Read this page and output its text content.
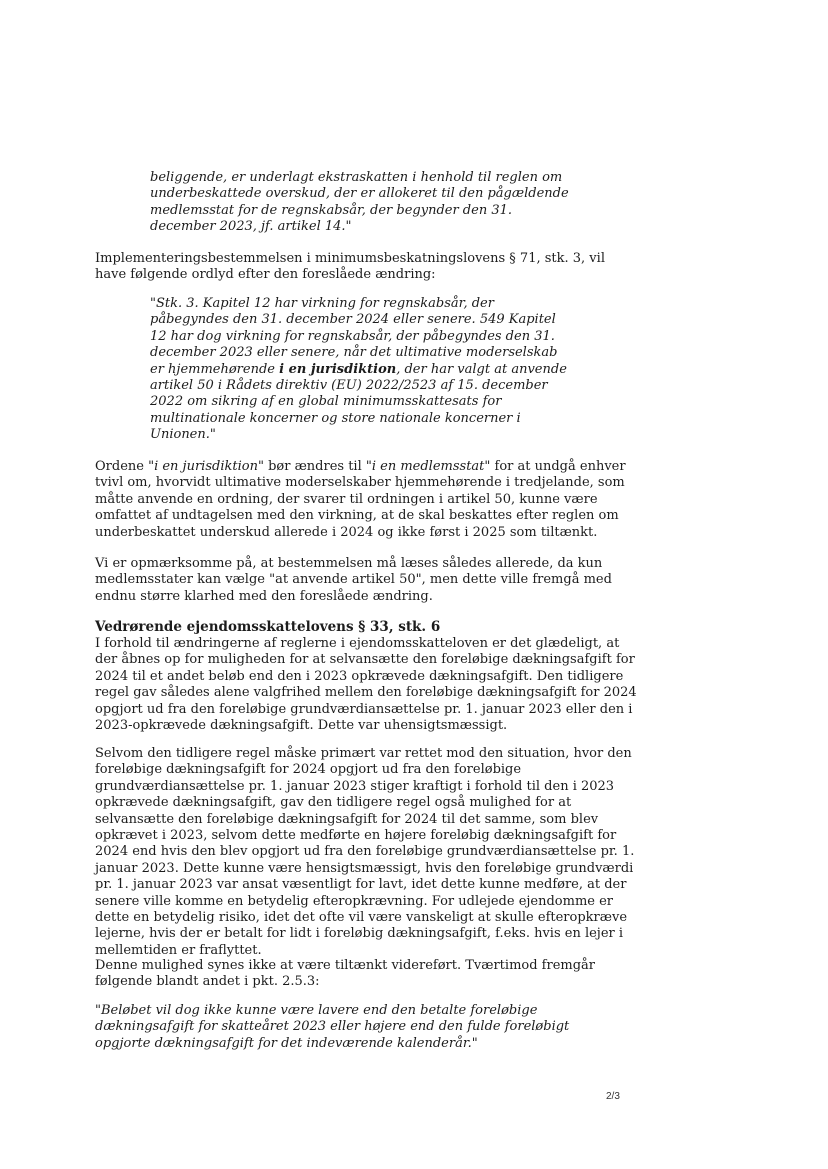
beliggende, er underlagt ekstraskatten i henhold til reglen om underbeskattede overskud, der er allokeret til den pågældende medlemsstat for de regnskabsår, der begynder den 31. december 2023, jf. artikel 14."

Implementeringsbestemmelsen i minimumsbeskatningslovens § 71, stk. 3, vil have følgende ordlyd efter den foreslåede ændring:

"Stk. 3. Kapitel 12 har virkning for regnskabsår, der påbegyndes den 31. december 2024 eller senere. 549 Kapitel 12 har dog virkning for regnskabsår, der påbegyndes den 31. december 2023 eller senere, når det ultimative moderselskab er hjemmehørende i en jurisdiktion, der har valgt at anvende artikel 50 i Rådets direktiv (EU) 2022/2523 af 15. december 2022 om sikring af en global minimumsskattesats for multinationale koncerner og store nationale koncerner i Unionen."

Ordene "i en jurisdiktion" bør ændres til "i en medlemsstat" for at undgå enhver tvivl om, hvorvidt ultimative moderselskaber hjemmehørende i tredjelande, som måtte anvende en ordning, der svarer til ordningen i artikel 50, kunne være omfattet af undtagelsen med den virkning, at de skal beskattes efter reglen om underbeskattet underskud allerede i 2024 og ikke først i 2025 som tiltænkt.

Vi er opmærksomme på, at bestemmelsen må læses således allerede, da kun medlemsstater kan vælge "at anvende artikel 50", men dette ville fremgå med endnu større klarhed med den foreslåede ændring.

Vedrørende ejendomsskattelovens § 33, stk. 6

I forhold til ændringerne af reglerne i ejendomsskatteloven er det glædeligt, at der åbnes op for muligheden for at selvansætte den foreløbige dækningsafgift for 2024 til et andet beløb end den i 2023 opkrævede dækningsafgift. Den tidligere regel gav således alene valgfrihed mellem den foreløbige dækningsafgift for 2024 opgjort ud fra den foreløbige grundværdiansættelse pr. 1. januar 2023 eller den i 2023-opkrævede dækningsafgift. Dette var uhensigtsmæssigt.

Selvom den tidligere regel måske primært var rettet mod den situation, hvor den foreløbige dækningsafgift for 2024 opgjort ud fra den foreløbige grundværdiansættelse pr. 1. januar 2023 stiger kraftigt i forhold til den i 2023 opkrævede dækningsafgift, gav den tidligere regel også mulighed for at selvansætte den foreløbige dækningsafgift for 2024 til det samme, som blev opkrævet i 2023, selvom dette medførte en højere foreløbig dækningsafgift for 2024 end hvis den blev opgjort ud fra den foreløbige grundværdiansættelse pr. 1. januar 2023. Dette kunne være hensigtsmæssigt, hvis den foreløbige grundværdi pr. 1. januar 2023 var ansat væsentligt for lavt, idet dette kunne medføre, at der senere ville komme en betydelig efteropkrævning. For udlejede ejendomme er dette en betydelig risiko, idet det ofte vil være vanskeligt at skulle efteropkræve lejerne, hvis der er betalt for lidt i foreløbig dækningsafgift, f.eks. hvis en lejer i mellemtiden er fraflyttet.

Denne mulighed synes ikke at være tiltænkt videreført. Tværtimod fremgår følgende blandt andet i pkt. 2.5.3:

"Beløbet vil dog ikke kunne være lavere end den betalte foreløbige dækningsafgift for skatteåret 2023 eller højere end den fulde foreløbigt opgjorte dækningsafgift for det indeværende kalenderår."

2/3
